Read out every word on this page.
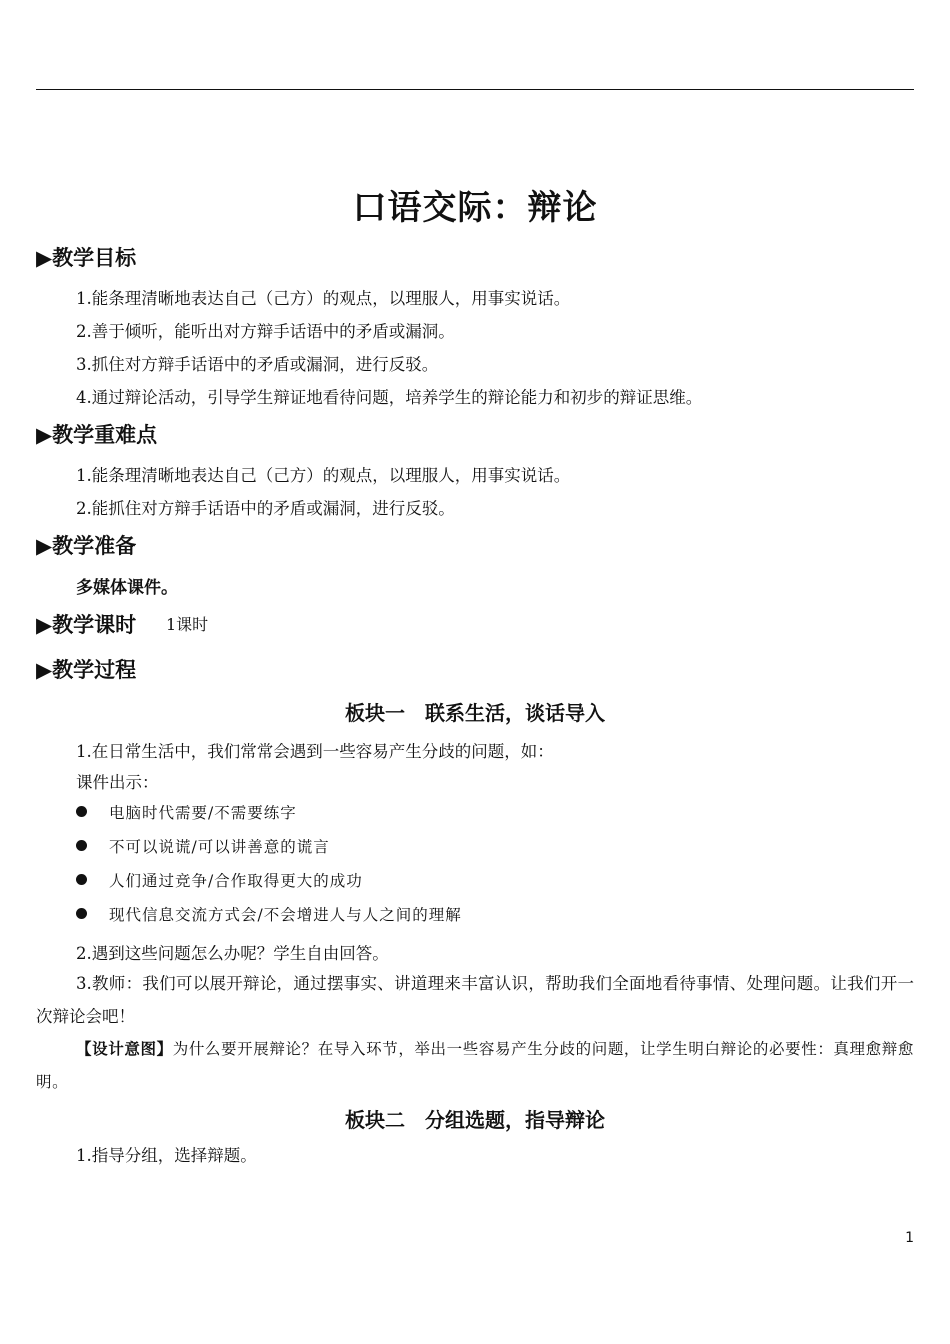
口语交际：辩论
▶教学目标
1.能条理清晰地表达自己（己方）的观点，以理服人，用事实说话。
2.善于倾听，能听出对方辩手话语中的矛盾或漏洞。
3.抓住对方辩手话语中的矛盾或漏洞，进行反驳。
4.通过辩论活动，引导学生辩证地看待问题，培养学生的辩论能力和初步的辩证思维。
▶教学重难点
1.能条理清晰地表达自己（己方）的观点，以理服人，用事实说话。
2.能抓住对方辩手话语中的矛盾或漏洞，进行反驳。
▶教学准备
多媒体课件。
▶教学课时 1课时
▶教学过程
板块一　联系生活，谈话导入
1.在日常生活中，我们常常会遇到一些容易产生分歧的问题，如：
课件出示：
电脑时代需要/不需要练字
不可以说谎/可以讲善意的谎言
人们通过竞争/合作取得更大的成功
现代信息交流方式会/不会增进人与人之间的理解
2.遇到这些问题怎么办呢？学生自由回答。
3.教师：我们可以展开辩论，通过摆事实、讲道理来丰富认识，帮助我们全面地看待事情、处理问题。让我们开一次辩论会吧！
【设计意图】为什么要开展辩论？在导入环节，举出一些容易产生分歧的问题，让学生明白辩论的必要性：真理愈辩愈明。
板块二　分组选题，指导辩论
1.指导分组，选择辩题。
1
